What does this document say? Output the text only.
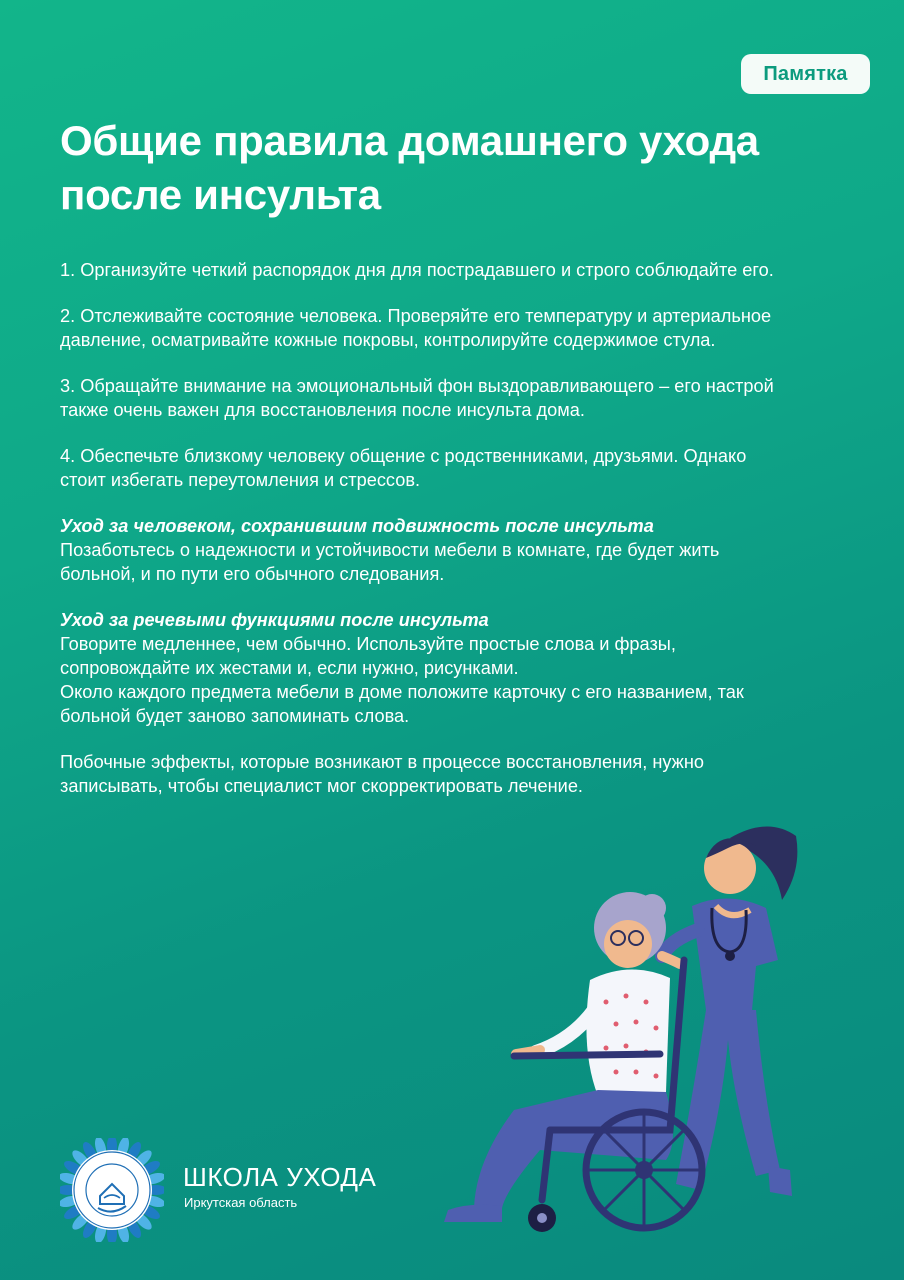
Памятка
Общие правила домашнего ухода
после инсульта
1. Организуйте четкий распорядок дня для пострадавшего и строго соблюдайте его.
2. Отслеживайте состояние человека. Проверяйте его температуру и артериальное
давление, осматривайте кожные покровы, контролируйте содержимое стула.
3. Обращайте внимание на эмоциональный фон выздоравливающего – его настрой
также очень важен для восстановления после инсульта дома.
4. Обеспечьте близкому человеку общение с родственниками, друзьями. Однако
стоит избегать переутомления и стрессов.
Уход за человеком, сохранившим подвижность после инсульта
Позаботьтесь о надежности и устойчивости мебели в комнате, где будет жить
больной, и по пути его обычного следования.
Уход за речевыми функциями после инсульта
Говорите медленнее, чем обычно. Используйте простые слова и фразы,
сопровождайте их жестами и, если нужно, рисунками.
Около каждого предмета мебели в доме положите карточку с его названием, так
больной будет заново запоминать слова.
Побочные эффекты, которые возникают в процессе восстановления, нужно
записывать, чтобы специалист мог скорректировать лечение.
ШКОЛА УХОДА
Иркутская область
